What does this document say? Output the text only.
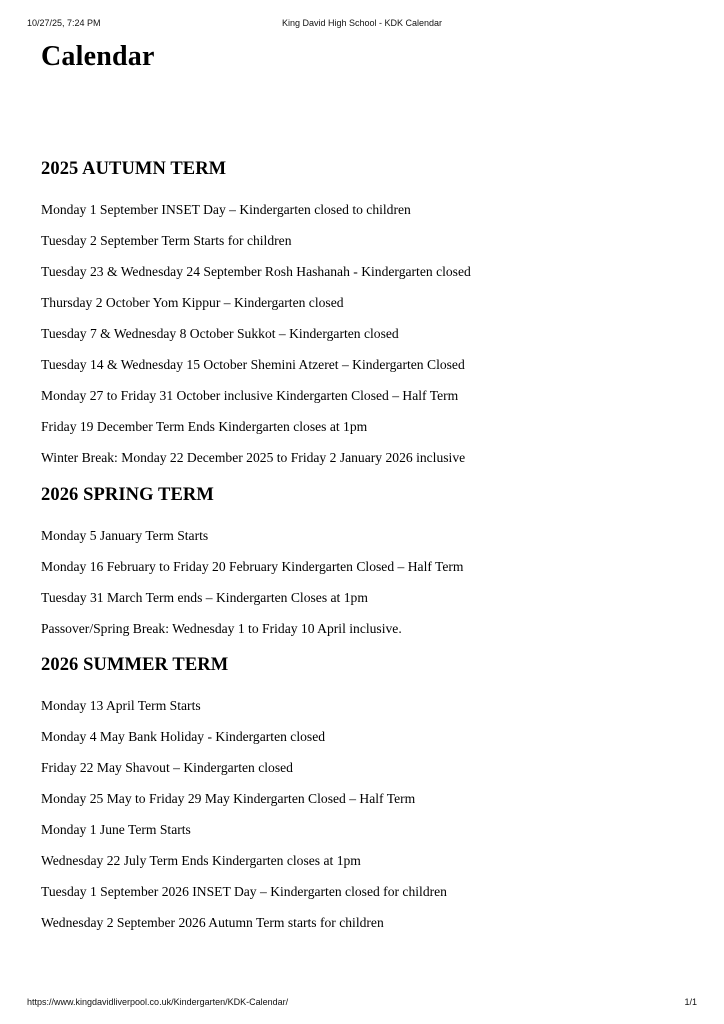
10/27/25, 7:24 PM	King David High School - KDK Calendar
Calendar
2025 AUTUMN TERM
Monday 1 September INSET Day – Kindergarten closed to children
Tuesday 2 September Term Starts for children
Tuesday 23 & Wednesday 24 September Rosh Hashanah - Kindergarten closed
Thursday 2 October Yom Kippur – Kindergarten closed
Tuesday 7 & Wednesday 8 October Sukkot – Kindergarten closed
Tuesday 14 & Wednesday 15 October Shemini Atzeret – Kindergarten Closed
Monday 27 to Friday 31 October inclusive Kindergarten Closed – Half Term
Friday 19 December Term Ends Kindergarten closes at 1pm
Winter Break: Monday 22 December 2025 to Friday 2 January 2026 inclusive
2026 SPRING TERM
Monday 5 January Term Starts
Monday 16 February to Friday 20 February Kindergarten Closed – Half Term
Tuesday 31 March Term ends – Kindergarten Closes at 1pm
Passover/Spring Break: Wednesday 1 to Friday 10 April inclusive.
2026 SUMMER TERM
Monday 13 April Term Starts
Monday 4 May Bank Holiday - Kindergarten closed
Friday 22 May Shavout – Kindergarten closed
Monday 25 May to Friday 29 May Kindergarten Closed – Half Term
Monday 1 June Term Starts
Wednesday 22 July Term Ends Kindergarten closes at 1pm
Tuesday 1 September 2026 INSET Day – Kindergarten closed for children
Wednesday 2 September 2026 Autumn Term starts for children
https://www.kingdavidliverpool.co.uk/Kindergarten/KDK-Calendar/	1/1
